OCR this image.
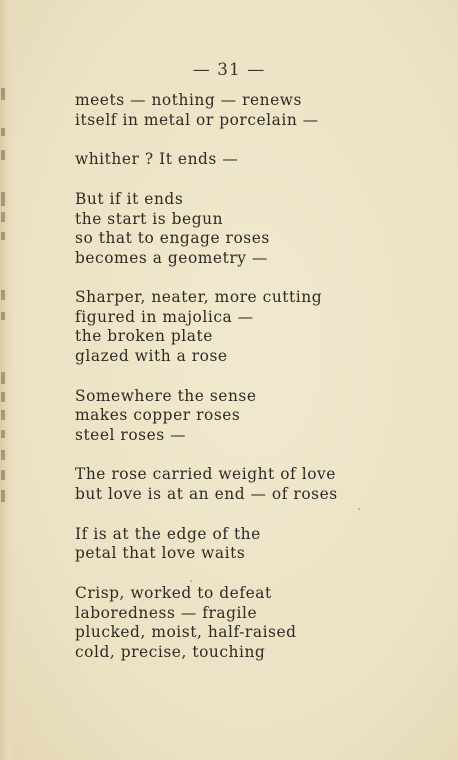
— 31 —
meets — nothing — renews
itself in metal or porcelain —
whither ? It ends —
But if it ends
the start is begun
so that to engage roses
becomes a geometry —
Sharper, neater, more cutting
figured in majolica —
the broken plate
glazed with a rose
Somewhere the sense
makes copper roses
steel roses —
The rose carried weight of love
but love is at an end — of roses
If is at the edge of the
petal that love waits
Crisp, worked to defeat
laboredness — fragile
plucked, moist, half-raised
cold, precise, touching
